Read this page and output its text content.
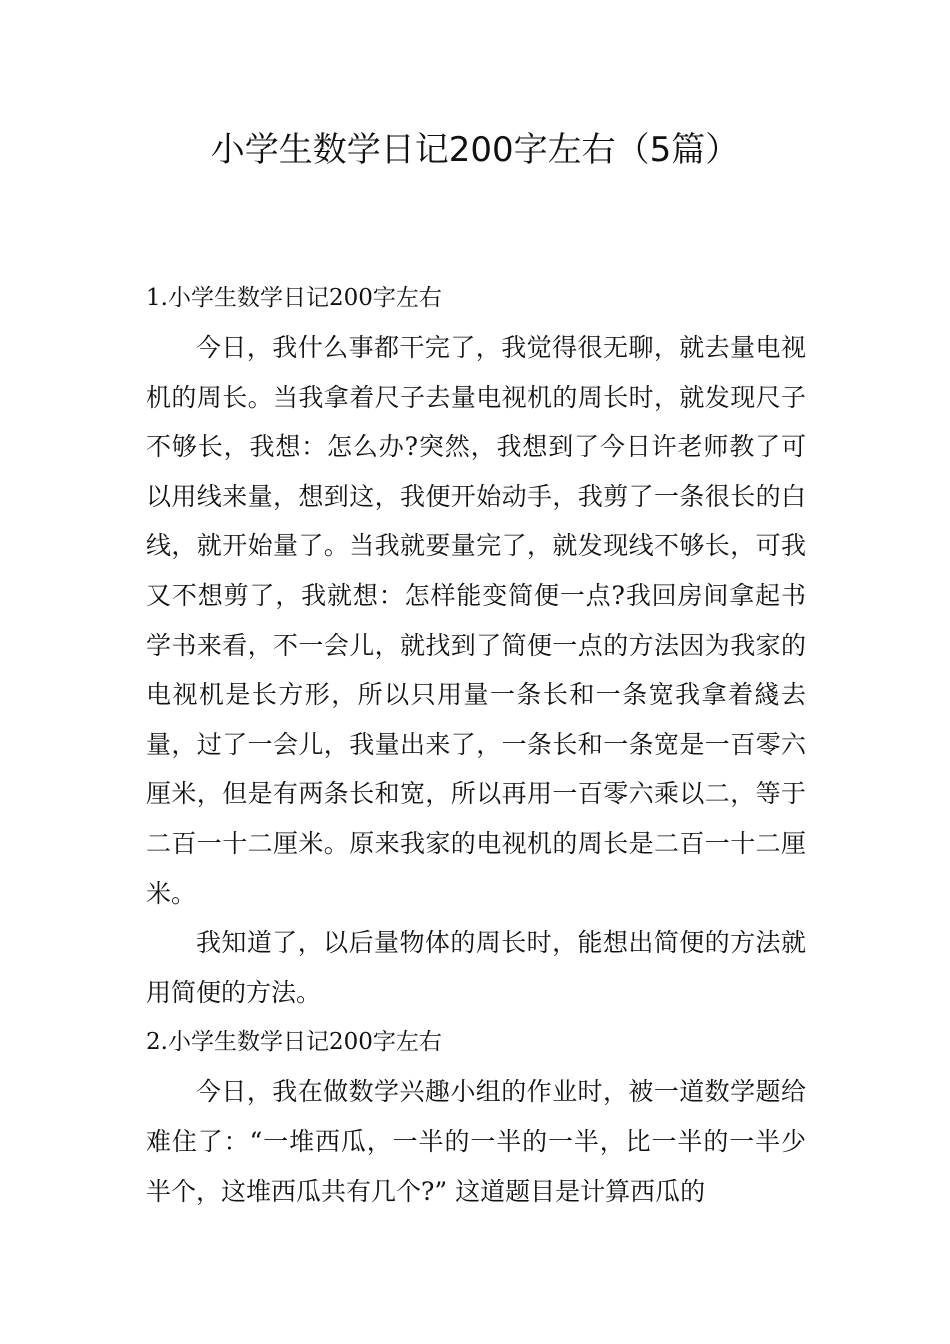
小学生数学日记200字左右（5篇）
1.小学生数学日记200字左右

今日，我什么事都干完了，我觉得很无聊，就去量电视机的周长。当我拿着尺子去量电视机的周长时，就发现尺子不够长，我想：怎么办?突然，我想到了今日许老师教了可以用线来量，想到这，我便开始动手，我剪了一条很长的白线，就开始量了。当我就要量完了，就发现线不够长，可我又不想剪了，我就想：怎样能变简便一点?我回房间拿起书学书来看，不一会儿，就找到了简便一点的方法因为我家的电视机是长方形，所以只用量一条长和一条宽我拿着綫去量，过了一会儿，我量出来了，一条长和一条宽是一百零六厘米，但是有两条长和宽，所以再用一百零六乘以二，等于二百一十二厘米。原来我家的电视机的周长是二百一十二厘米。

我知道了，以后量物体的周长时，能想出简便的方法就用简便的方法。

2.小学生数学日记200字左右

今日，我在做数学兴趣小组的作业时，被一道数学题给难住了：“一堆西瓜，一半的一半的一半，比一半的一半少半个，这堆西瓜共有几个?” 这道题目是计算西瓜的
